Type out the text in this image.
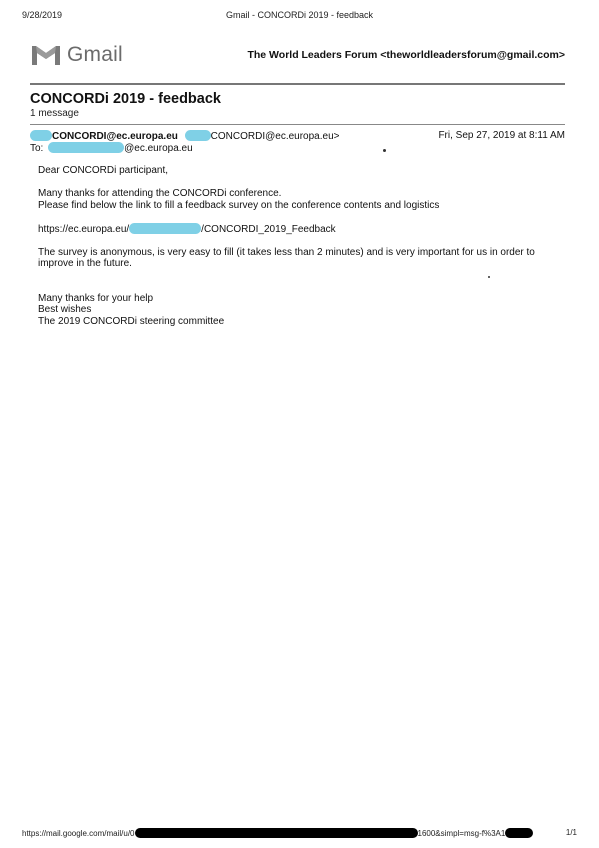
9/28/2019	Gmail - CONCORDi 2019 - feedback
Gmail	The World Leaders Forum <theworldleadersforum@gmail.com>
CONCORDi 2019 - feedback
1 message
CONCORDI@ec.europa.eu	CONCORDI@ec.europa.eu>	Fri, Sep 27, 2019 at 8:11 AM
To:	@ec.europa.eu

Dear CONCORDi participant,

Many thanks for attending the CONCORDi conference.

Please find below the link to fill a feedback survey on the conference contents and logistics

https://ec.europa.eu/	/CONCORDI_2019_Feedback

The survey is anonymous, is very easy to fill (it takes less than 2 minutes) and is very important for us in order to

improve in the future.

Many thanks for your help
Best wishes
The 2019 CONCORDi steering committee
https://mail.google.com/mail/u/0	1600&simpl=msg-f%3A1	1/1
